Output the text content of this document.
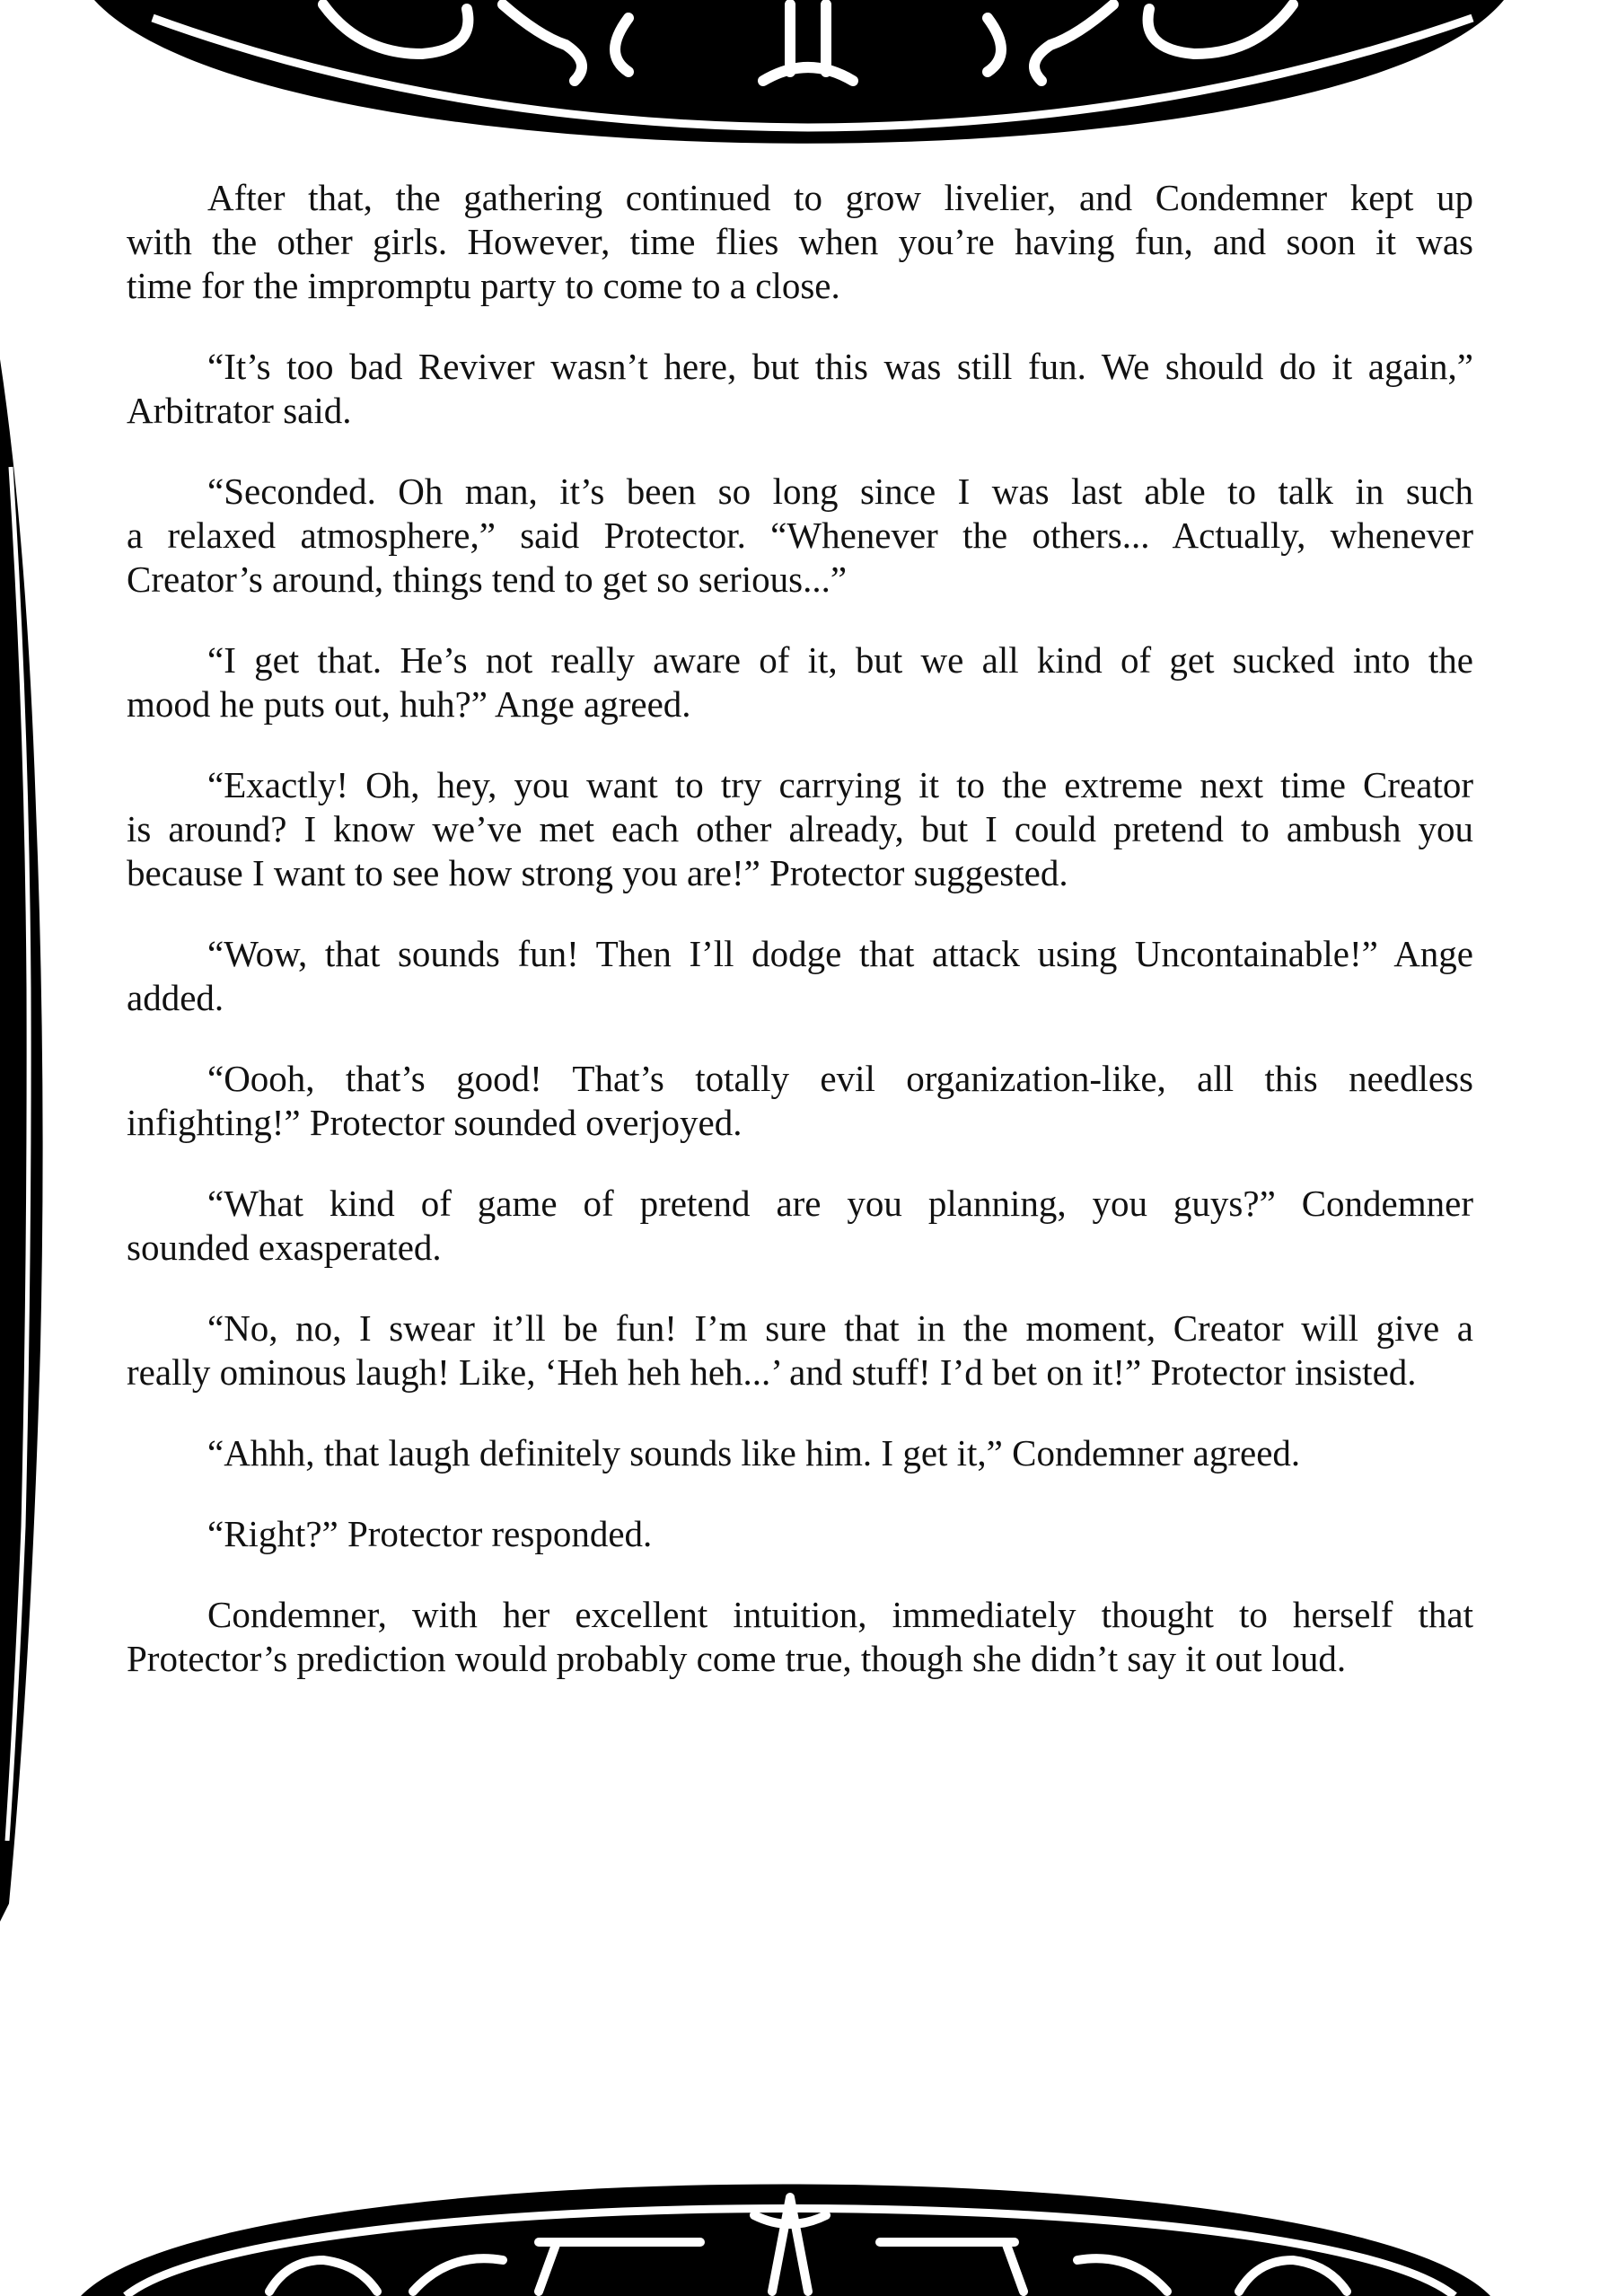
After that, the gathering continued to grow livelier, and Condemner kept up
with the other girls. However, time flies when you’re having fun, and soon it was
time for the impromptu party to come to a close.
“It’s too bad Reviver wasn’t here, but this was still fun. We should do it again,”
Arbitrator said.
“Seconded. Oh man, it’s been so long since I was last able to talk in such
a relaxed atmosphere,” said Protector. “Whenever the others... Actually, whenever
Creator’s around, things tend to get so serious...”
“I get that. He’s not really aware of it, but we all kind of get sucked into the
mood he puts out, huh?” Ange agreed.
“Exactly! Oh, hey, you want to try carrying it to the extreme next time Creator
is around? I know we’ve met each other already, but I could pretend to ambush you
because I want to see how strong you are!” Protector suggested.
“Wow, that sounds fun! Then I’ll dodge that attack using Uncontainable!” Ange
added.
“Oooh, that’s good! That’s totally evil organization-like, all this needless
infighting!” Protector sounded overjoyed.
“What kind of game of pretend are you planning, you guys?” Condemner
sounded exasperated.
“No, no, I swear it’ll be fun! I’m sure that in the moment, Creator will give a
really ominous laugh! Like, ‘Heh heh heh...’ and stuff! I’d bet on it!” Protector insisted.
“Ahhh, that laugh definitely sounds like him. I get it,” Condemner agreed.
“Right?” Protector responded.
Condemner, with her excellent intuition, immediately thought to herself that
Protector’s prediction would probably come true, though she didn’t say it out loud.
